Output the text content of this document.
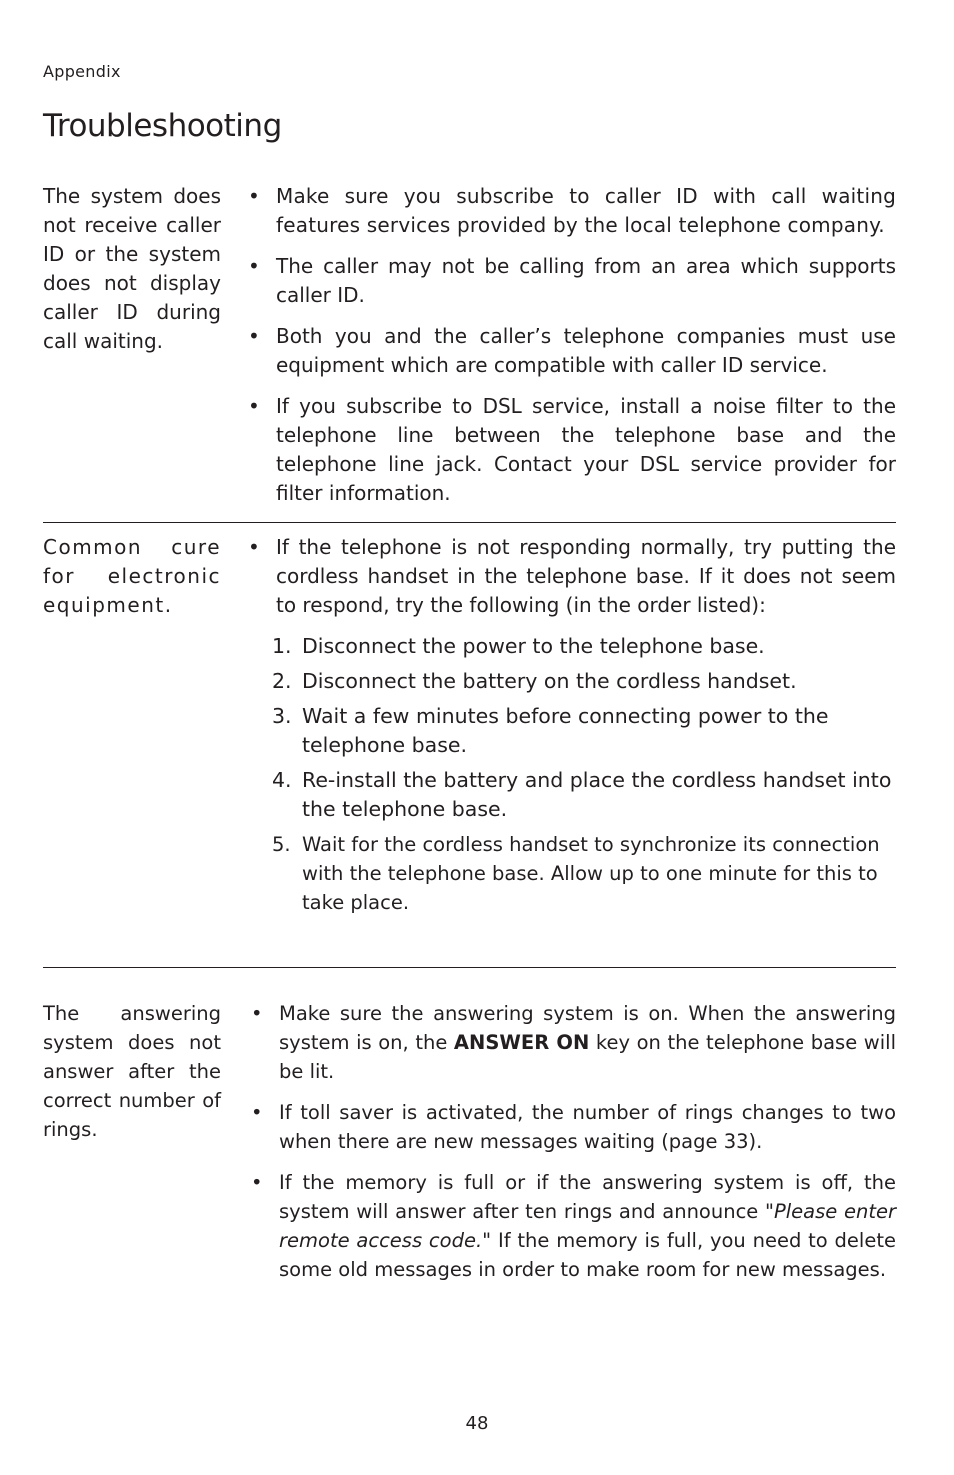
Appendix
Troubleshooting
The system does not receive caller ID or the system does not display caller ID during call waiting.
• Make sure you subscribe to caller ID with call waiting features services provided by the local telephone company.
• The caller may not be calling from an area which supports caller ID.
• Both you and the caller’s telephone companies must use equipment which are compatible with caller ID service.
• If you subscribe to DSL service, install a noise filter to the telephone line between the telephone base and the telephone line jack. Contact your DSL service provider for filter information.
Common cure for electronic equipment.
• If the telephone is not responding normally, try putting the cordless handset in the telephone base. If it does not seem to respond, try the following (in the order listed):
1. Disconnect the power to the telephone base.
2. Disconnect the battery on the cordless handset.
3. Wait a few minutes before connecting power to the telephone base.
4. Re-install the battery and place the cordless handset into the telephone base.
5. Wait for the cordless handset to synchronize its connection with the telephone base. Allow up to one minute for this to take place.
The answering system does not answer after the correct number of rings.
• Make sure the answering system is on. When the answering system is on, the ANSWER ON key on the telephone base will be lit.
• If toll saver is activated, the number of rings changes to two when there are new messages waiting (page 33).
• If the memory is full or if the answering system is off, the system will answer after ten rings and announce "Please enter remote access code." If the memory is full, you need to delete some old messages in order to make room for new messages.
48
